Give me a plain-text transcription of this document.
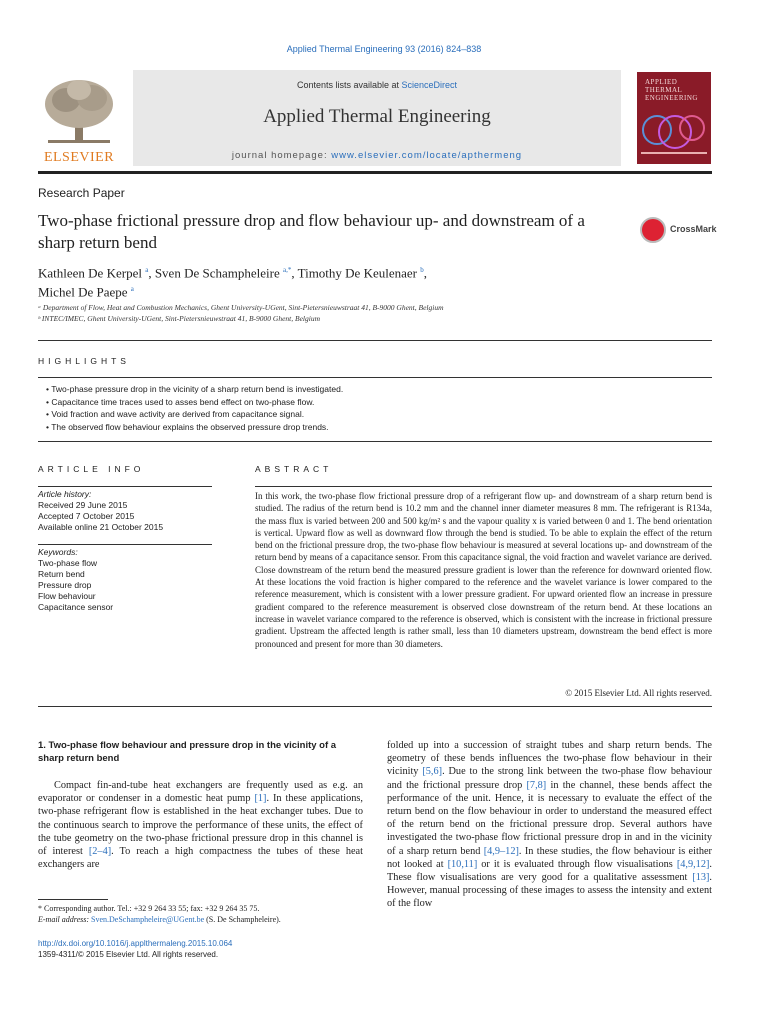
Applied Thermal Engineering 93 (2016) 824–838
ELSEVIER
Contents lists available at ScienceDirect
Applied Thermal Engineering
journal homepage: www.elsevier.com/locate/apthermeng
APPLIED
THERMAL
ENGINEERING
Research Paper
Two-phase frictional pressure drop and flow behaviour up- and downstream of a sharp return bend
CrossMark
Kathleen De Kerpel $^a$, Sven De Schampheleire $^{a,*}$, Timothy De Keulenaer $^b$,
Michel De Paepe $^a$
ᵃ Department of Flow, Heat and Combustion Mechanics, Ghent University-UGent, Sint-Pietersnieuwstraat 41, B-9000 Ghent, Belgium
ᵇ INTEC/IMEC, Ghent University-UGent, Sint-Pietersnieuwstraat 41, B-9000 Ghent, Belgium
HIGHLIGHTS
• Two-phase pressure drop in the vicinity of a sharp return bend is investigated.
• Capacitance time traces used to asses bend effect on two-phase flow.
• Void fraction and wave activity are derived from capacitance signal.
• The observed flow behaviour explains the observed pressure drop trends.
ARTICLE INFO
Article history:
Received 29 June 2015
Accepted 7 October 2015
Available online 21 October 2015
Keywords:
Two-phase flow
Return bend
Pressure drop
Flow behaviour
Capacitance sensor
ABSTRACT
In this work, the two-phase flow frictional pressure drop of a refrigerant flow up- and downstream of a sharp return bend is studied. The radius of the return bend is 10.2 mm and the channel inner diameter measures 8 mm. The refrigerant is R134a, the mass flux is varied between 200 and 500 kg/m² s and the vapour quality x is varied between 0 and 1. The bend orientation is vertical. Upward flow as well as downward flow through the bend is studied. To be able to explain the effect of the return bend on the frictional pressure drop, the two-phase flow behaviour is measured at several locations up- and downstream of the return bend by means of a capacitance sensor. From this capacitance signal, the void fraction and wavelet variance are derived. Close downstream of the return bend the measured pressure gradient is lower than the reference for downward oriented flow. At these locations the void fraction is higher compared to the reference and the wavelet variance is lower compared to the reference measurement, which is consistent with a lower pressure gradient. For upward oriented flow an increase in pressure gradient compared to the reference measurement is observed close downstream of the return bend. At these locations an increase in wavelet variance compared to the reference is observed, which is consistent with the increase in frictional pressure gradient. Upstream the affected length is rather small, less than 10 diameters upstream, downstream the bend effect is more pronounced and present for more than 30 diameters.
© 2015 Elsevier Ltd. All rights reserved.
1. Two-phase flow behaviour and pressure drop in the vicinity of a sharp return bend
Compact fin-and-tube heat exchangers are frequently used as e.g. an evaporator or condenser in a domestic heat pump [1]. In these applications, two-phase refrigerant flow is established in the heat exchanger tubes. Due to the continuous search to improve the performance of these units, the effect of the tube geometry on the two-phase frictional pressure drop in this channel is of interest [2–4]. To reach a high compactness the tubes of these heat exchangers are
folded up into a succession of straight tubes and sharp return bends. The geometry of these bends influences the two-phase flow behaviour in their vicinity [5,6]. Due to the strong link between the two-phase flow behaviour and the frictional pressure drop [7,8] in the channel, these bends affect the performance of the unit. Hence, it is necessary to evaluate the effect of the return bend on the flow behaviour in order to understand the measured effect of the return bend on the frictional pressure drop. Several authors have investigated the two-phase flow frictional pressure drop in and in the vicinity of a sharp return bend [4,9–12]. In these studies, the flow behaviour is either not looked at [10,11] or it is evaluated through flow visualisations [4,9,12]. These flow visualisations are very good for a qualitative assessment [13]. However, manual processing of these images to assess the intensity and extent of the flow
* Corresponding author. Tel.: +32 9 264 33 55; fax: +32 9 264 35 75.
E-mail address: Sven.DeSchampheleire@UGent.be (S. De Schampheleire).
http://dx.doi.org/10.1016/j.applthermaleng.2015.10.064
1359-4311/© 2015 Elsevier Ltd. All rights reserved.
